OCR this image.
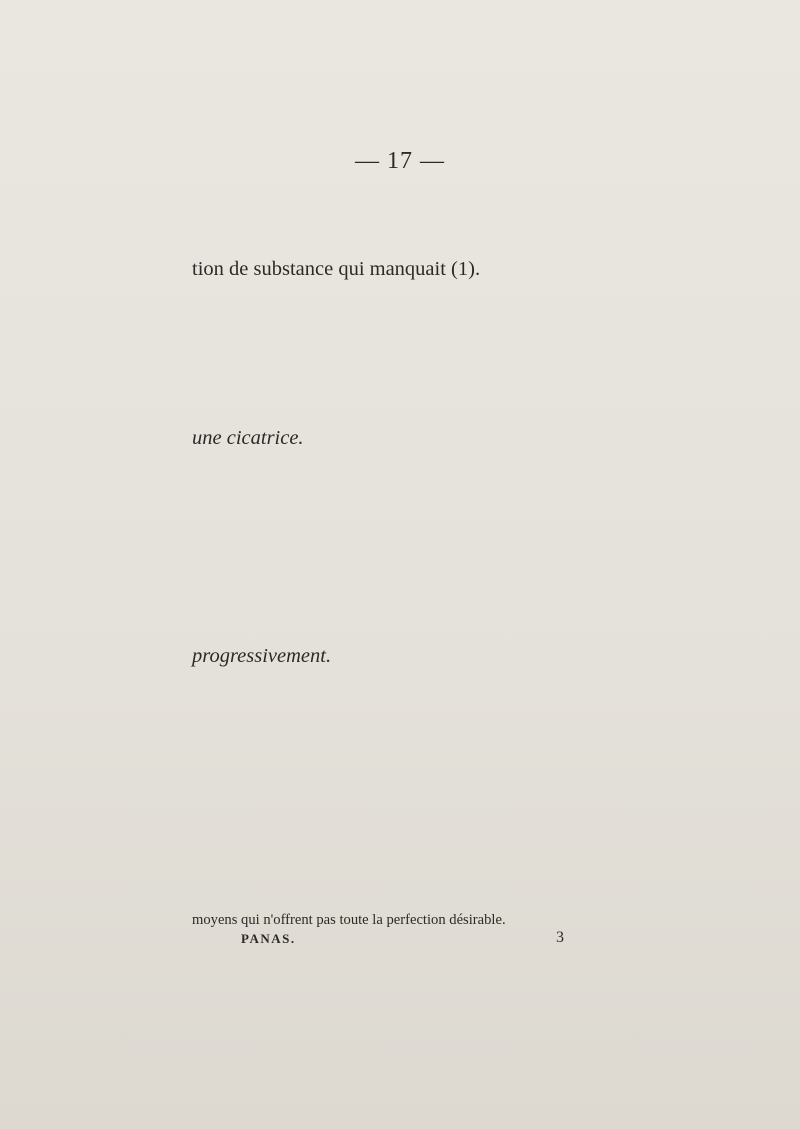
— 17 —
tion de substance qui manquait (1).
une cicatrice.
progressivement.
moyens qui n'offrent pas toute la perfection désirable.
PANAS.	3
